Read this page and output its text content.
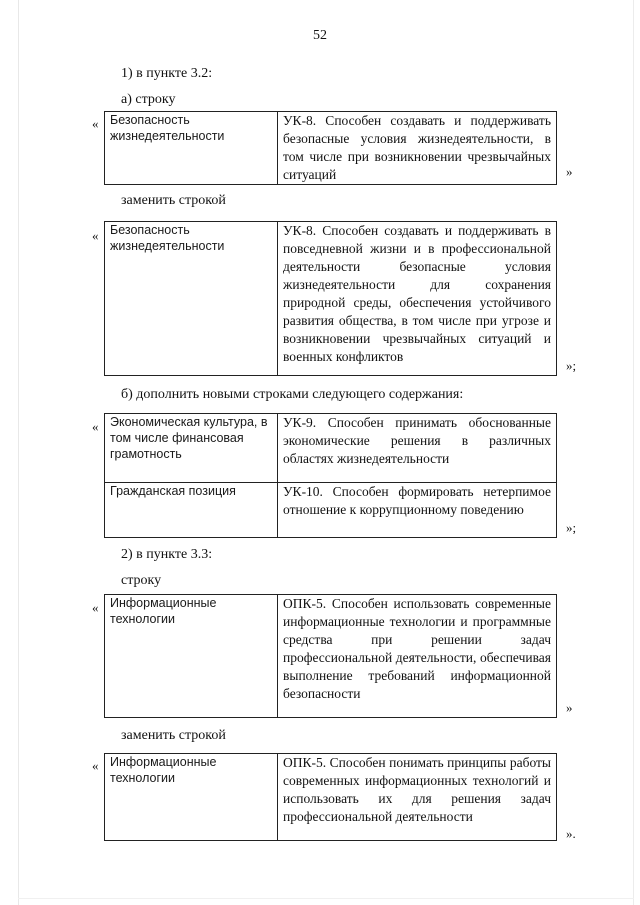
52
1) в пункте 3.2:
а) строку
« Безопасность жизнедеятельности	УК-8. Способен создавать и поддерживать безопасные условия жизнедеятельности, в том числе при возникновении чрезвычайных ситуаций	»
заменить строкой
« Безопасность жизнедеятельности	УК-8. Способен создавать и поддерживать в повседневной жизни и в профессиональной деятельности безопасные условия жизнедеятельности для сохранения природной среды, обеспечения устойчивого развития общества, в том числе при угрозе и возникновении чрезвычайных ситуаций и военных конфликтов
»;
б) дополнить новыми строками следующего содержания:
« Экономическая культура, в том числе финансовая грамотность	УК-9. Способен принимать обоснованные экономические решения в различных областях жизнедеятельности
Гражданская позиция	УК-10. Способен формировать нетерпимое отношение к коррупционному поведению
»;
2) в пункте 3.3:
строку
« Информационные технологии	ОПК-5. Способен использовать современные информационные технологии и программные средства при решении задач профессиональной деятельности, обеспечивая выполнение требований информационной безопасности
»
заменить строкой
« Информационные технологии	ОПК-5. Способен понимать принципы работы современных информационных технологий и использовать их для решения задач профессиональной деятельности
».
